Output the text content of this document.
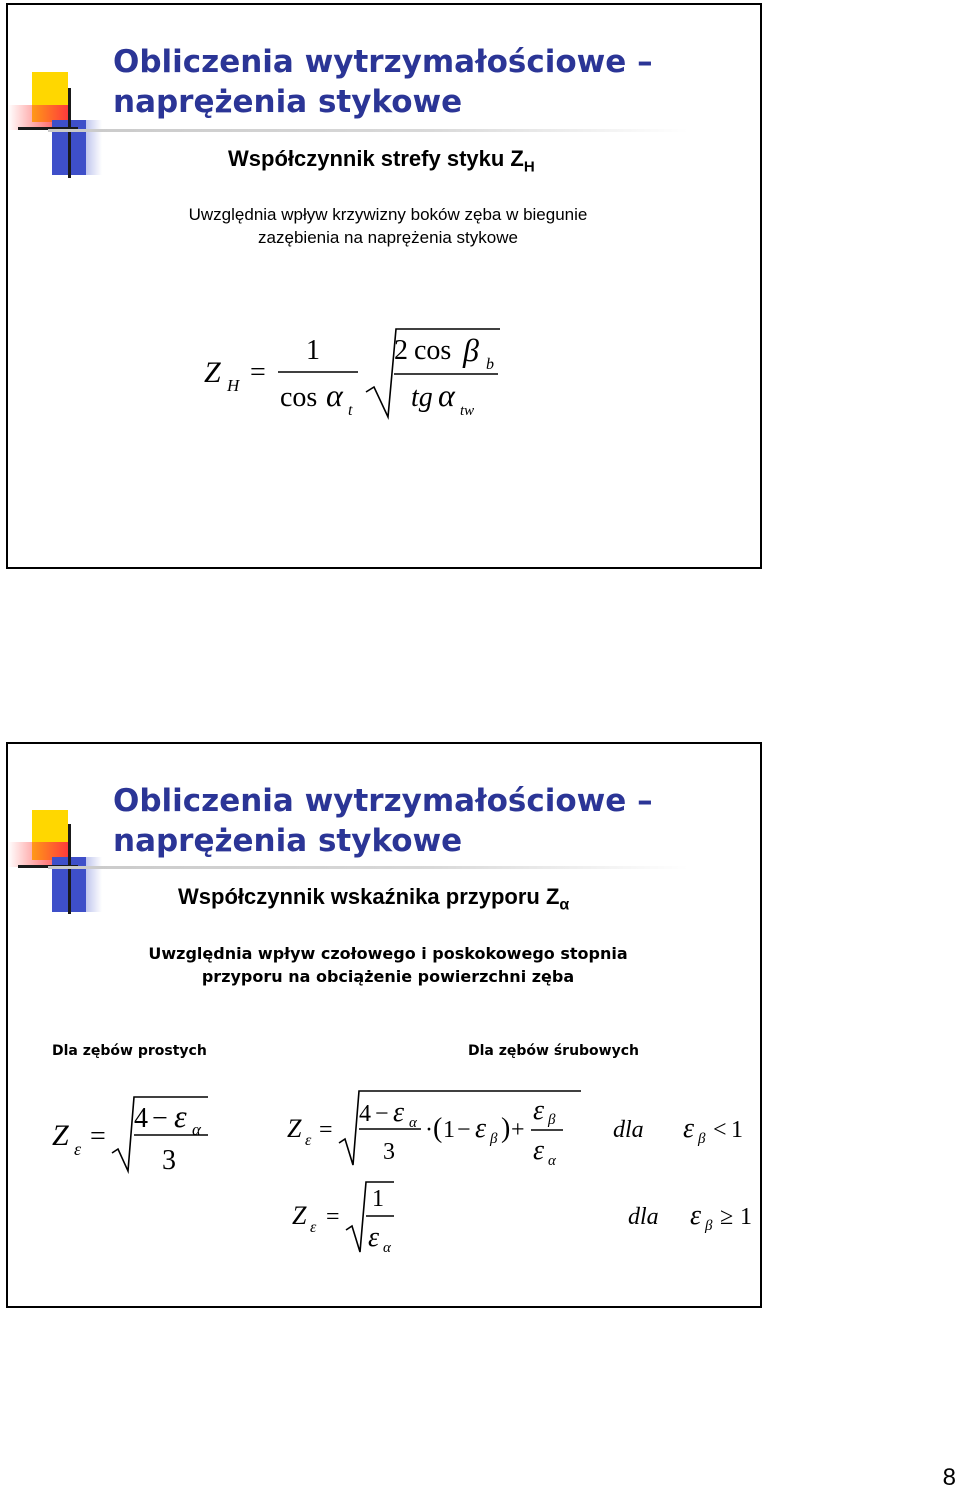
Obliczenia wytrzymałościowe –
naprężenia stykowe
Współczynnik strefy styku $Z_H$
Uwzględnia wpływ krzywizny boków zęba w biegunie
zazębienia na naprężenia stykowe
Z H =
1
cos α t
2 cos β b
tg α tw
Obliczenia wytrzymałościowe –
naprężenia stykowe
Współczynnik wskaźnika przyporu $Z_\alpha$
Uwzględnia wpływ czołowego i poskokowego stopnia
przyporu na obciążenie powierzchni zęba
Dla zębów prostych	Dla zębów śrubowych
Z ε =
4 − ε α
3
Z ε =
4 − ε α
3
· ( 1 − ε β ) +
ε β
ε α
dla ε β < 1
Z ε =
1
ε α
dla ε β ≥ 1
8
